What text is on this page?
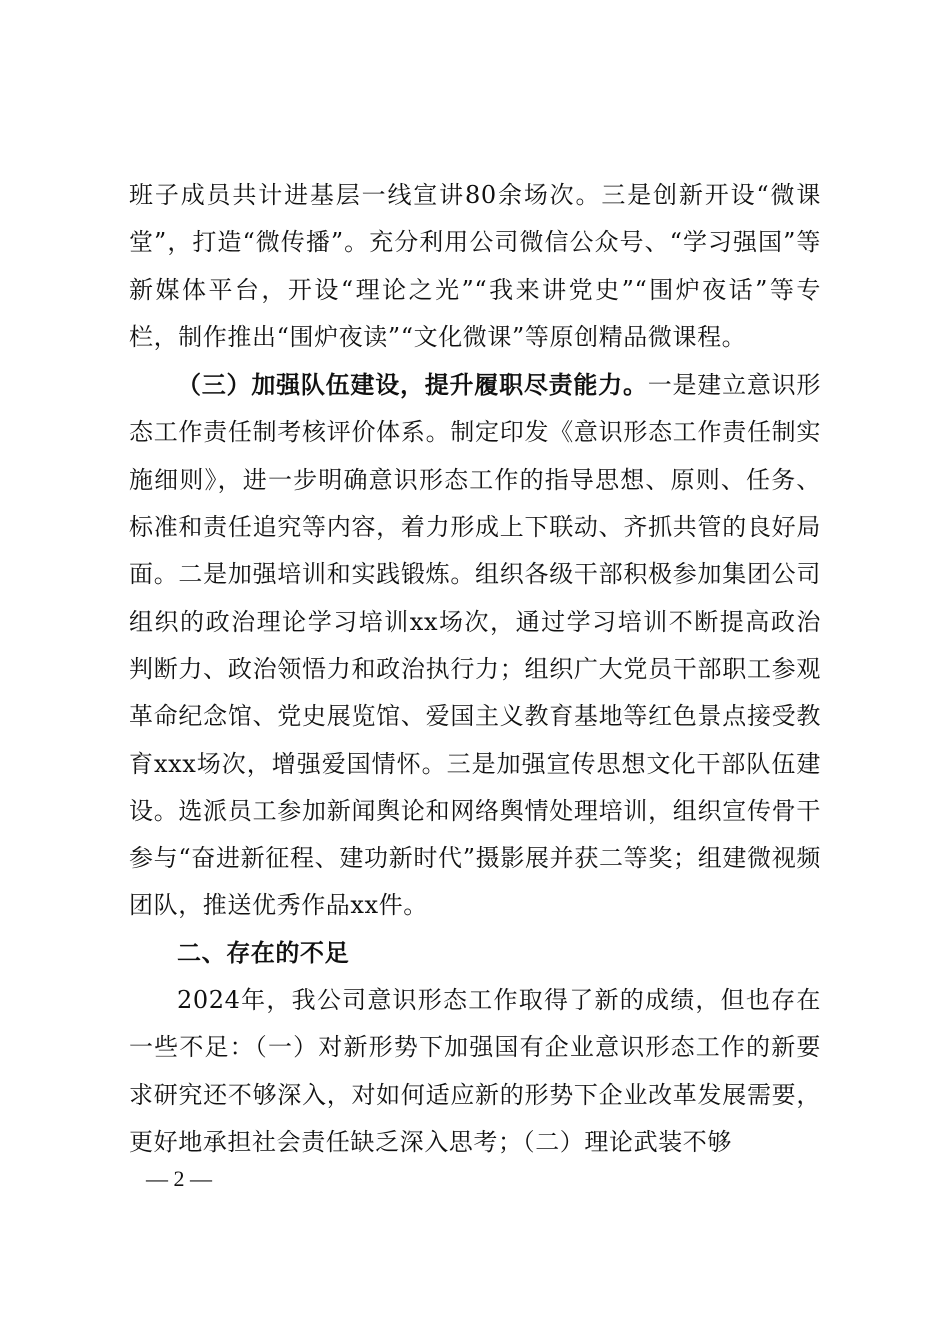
班子成员共计进基层一线宣讲80余场次。三是创新开设“微课堂”，打造“微传播”。充分利用公司微信公众号、“学习强国”等新媒体平台，开设“理论之光”“我来讲党史”“围炉夜话”等专栏，制作推出“围炉夜读”“文化微课”等原创精品微课程。

（三）加强队伍建设，提升履职尽责能力。一是建立意识形态工作责任制考核评价体系。制定印发《意识形态工作责任制实施细则》，进一步明确意识形态工作的指导思想、原则、任务、标准和责任追究等内容，着力形成上下联动、齐抓共管的良好局面。二是加强培训和实践锻炼。组织各级干部积极参加集团公司组织的政治理论学习培训xx场次，通过学习培训不断提高政治判断力、政治领悟力和政治执行力；组织广大党员干部职工参观革命纪念馆、党史展览馆、爱国主义教育基地等红色景点接受教育xxx场次，增强爱国情怀。三是加强宣传思想文化干部队伍建设。选派员工参加新闻舆论和网络舆情处理培训，组织宣传骨干参与“奋进新征程、建功新时代”摄影展并获二等奖；组建微视频团队，推送优秀作品xx件。

二、存在的不足

2024年，我公司意识形态工作取得了新的成绩，但也存在一些不足：（一）对新形势下加强国有企业意识形态工作的新要求研究还不够深入，对如何适应新的形势下企业改革发展需要，更好地承担社会责任缺乏深入思考；（二）理论武装不够

— 2 —
